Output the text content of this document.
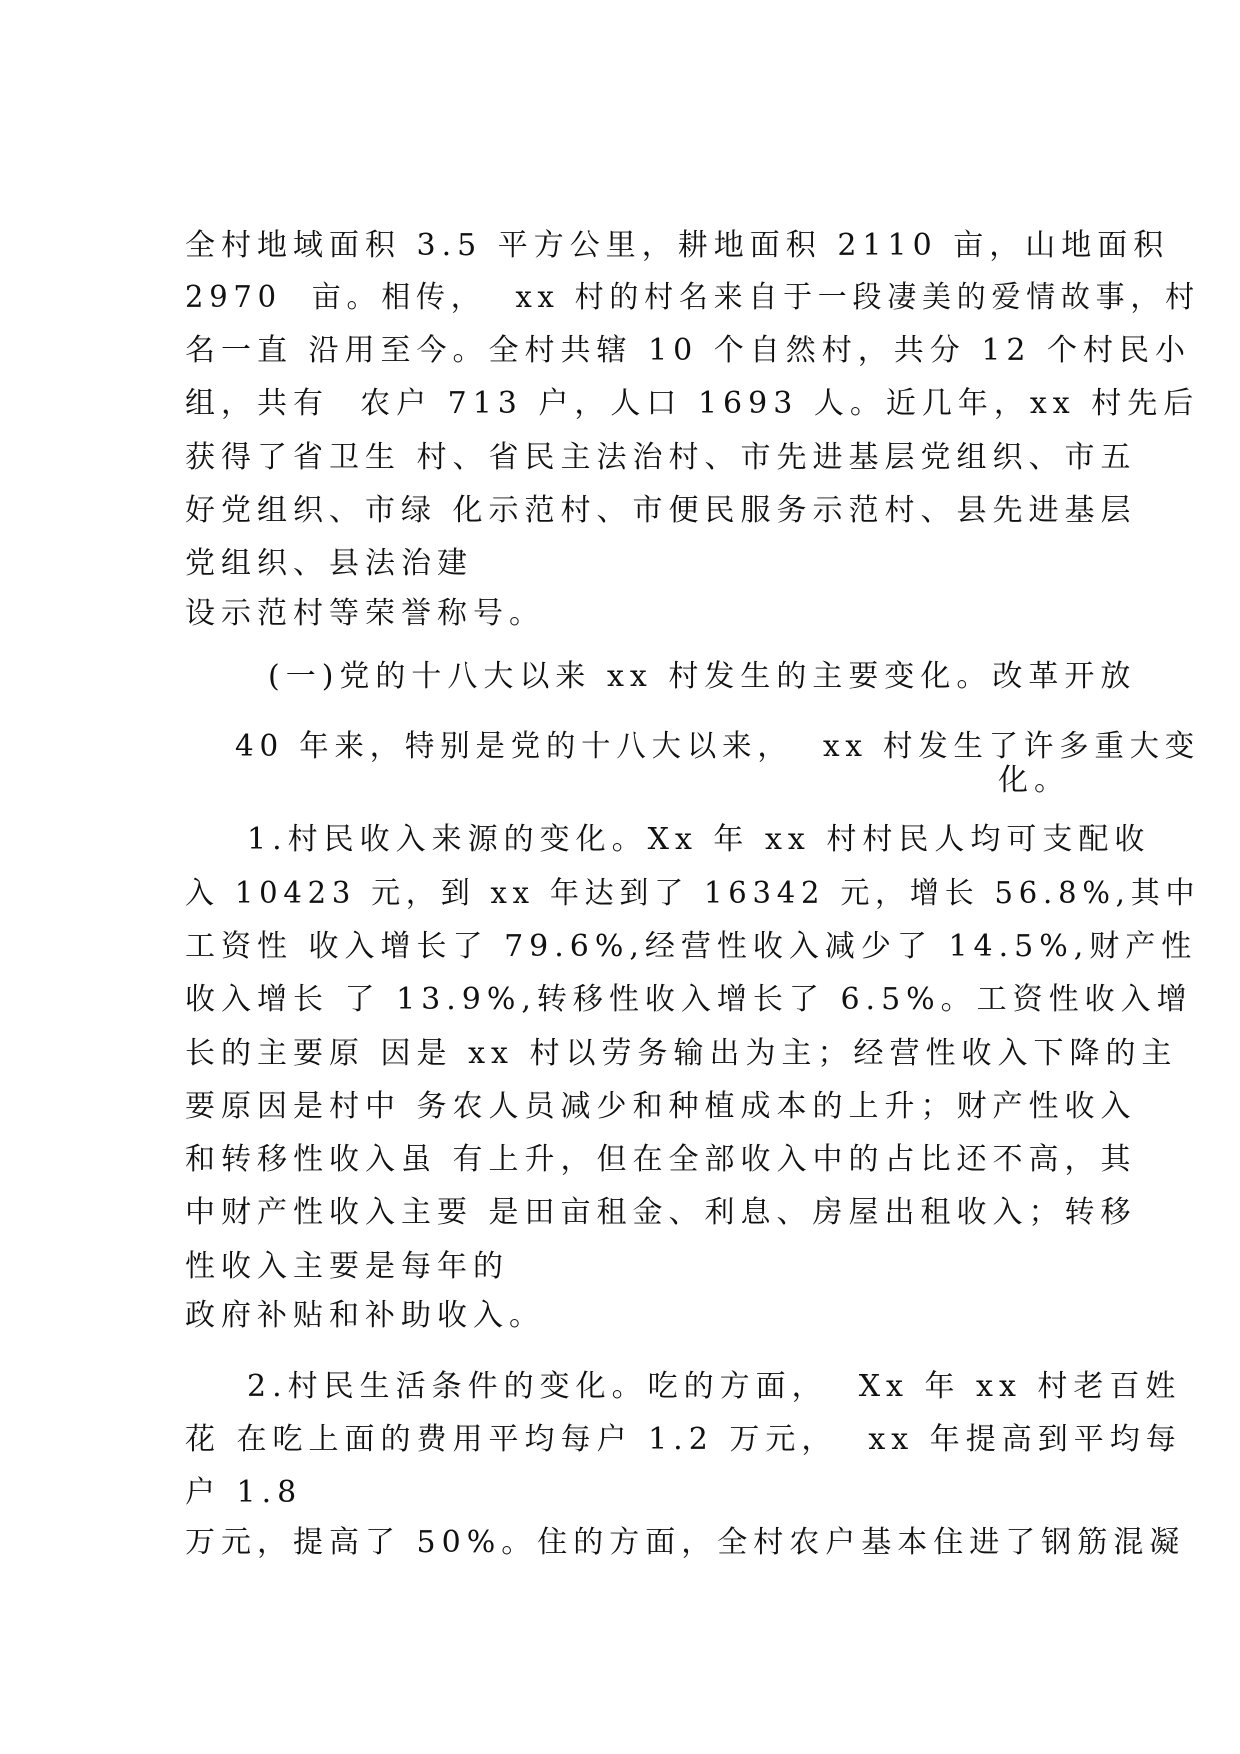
全村地域面积 3.5 平方公里，耕地面积 2110 亩，山地面积
2970  亩。相传，  xx 村的村名来自于一段凄美的爱情故事，村
名一直 沿用至今。全村共辖 10 个自然村，共分 12 个村民小
组，共有  农户 713 户，人口 1693 人。近几年，xx 村先后
获得了省卫生 村、省民主法治村、市先进基层党组织、市五
好党组织、市绿 化示范村、市便民服务示范村、县先进基层
党组织、县法治建
设示范村等荣誉称号。
(一)党的十八大以来 xx 村发生的主要变化。改革开放
40 年来，特别是党的十八大以来，  xx 村发生了许多重大变
化。
1.村民收入来源的变化。Xx 年 xx 村村民人均可支配收
入 10423 元，到 xx 年达到了 16342 元，增长 56.8%,其中
工资性 收入增长了 79.6%,经营性收入减少了 14.5%,财产性
收入增长 了 13.9%,转移性收入增长了 6.5%。工资性收入增
长的主要原 因是 xx 村以劳务输出为主；经营性收入下降的主
要原因是村中 务农人员减少和种植成本的上升；财产性收入
和转移性收入虽 有上升，但在全部收入中的占比还不高，其
中财产性收入主要 是田亩租金、利息、房屋出租收入；转移
性收入主要是每年的
政府补贴和补助收入。
2.村民生活条件的变化。吃的方面，  Xx 年 xx 村老百姓
花 在吃上面的费用平均每户 1.2 万元，  xx 年提高到平均每
户 1.8
万元，提高了 50%。住的方面，全村农户基本住进了钢筋混凝
